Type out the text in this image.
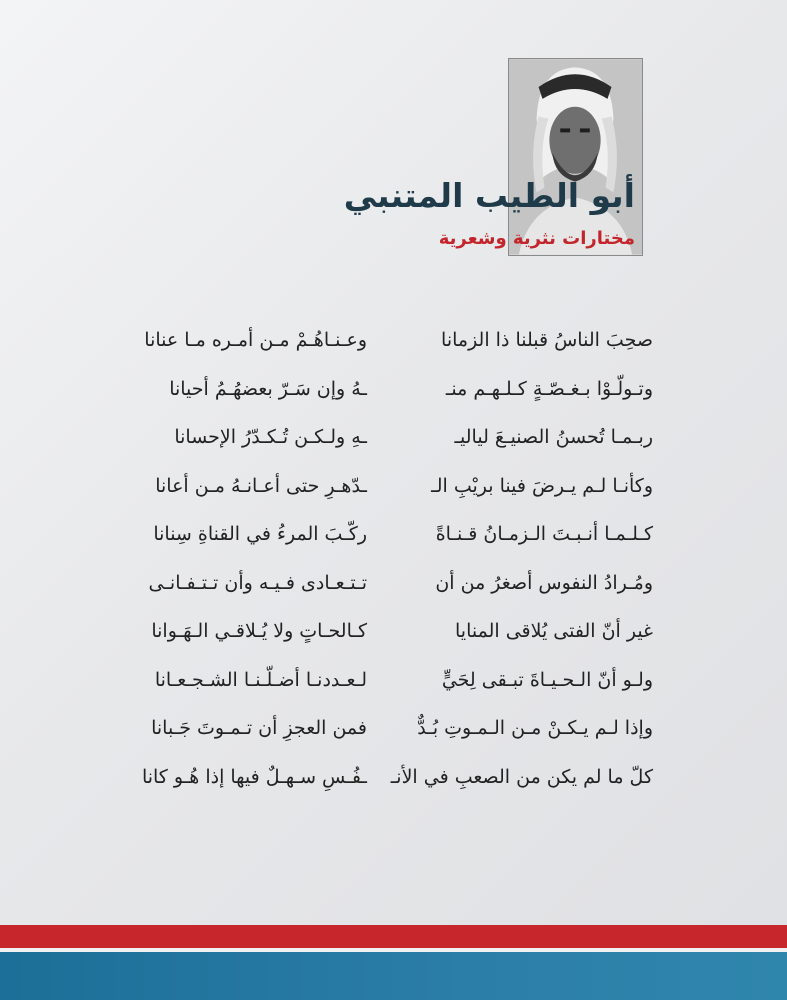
أبو الطيب المتنبي
مختارات نثرية وشعرية
صحِبَ الناسُ قبلنا ذا الزمانا
وعـنـاهُـمْ مـن أمـره مـا عنانا
وتـولّـوْا بـغـصّـةٍ كـلـهـم منـ
ـهُ وإن سَـرّ بعضهُـمُ أحيانا
ربـمـا تُحسنُ الصنيـعَ لياليـ
ـهِ ولـكـن تُـكـدّرُ الإحسانا
وكأنـا لـم يـرضَ فينا بريْبِ الـ
ـدّهـرِ حتى أعـانـهُ مـن أعانا
كـلـمـا أنـبـتَ الـزمـانُ قـنـاةً
ركّـبَ المرءُ في القناةِ سِنانا
ومُـرادُ النفوس أصغرُ من أن
تـتـعـادى فـيـه وأن تـتـفـانـى
غير أنّ الفتى يُلاقى المنايا
كـالحـاتٍ ولا يُـلاقـي الـهَـوانا
ولـو أنّ الـحـيـاةَ تبـقى لِحَيٍّ
لـعـددنـا أضـلّـنـا الشـجـعـانا
وإذا لـم يـكـنْ مـن الـمـوتِ بُـدٌّ
فمن العجزِ أن تـمـوتَ جَـبانا
كلّ ما لم يكن من الصعبِ في الأنـ
ـفُـسِ سـهـلٌ فيها إذا هُـو كانا
